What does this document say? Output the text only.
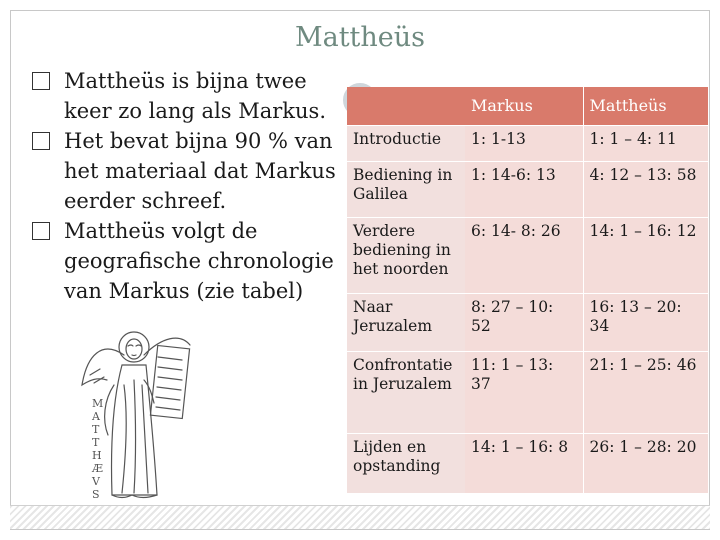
Mattheüs
Mattheüs is bijna twee keer zo lang als Markus.
Het bevat bijna 90 % van het materiaal dat Markus eerder schreef.
Mattheüs volgt de geografische chronologie van Markus (zie tabel)
	Markus	Mattheüs
Introductie	1: 1-13	1: 1 – 4: 11
Bediening in Galilea	1: 14-6: 13	4: 12 – 13: 58
Verdere bediening in het noorden	6: 14- 8: 26	14: 1 – 16: 12
Naar Jeruzalem	8: 27 – 10: 52	16: 13 – 20: 34
Confrontatie in Jeruzalem	11: 1 – 13: 37	21: 1 – 25: 46
Lijden en opstanding	14: 1 – 16: 8	26: 1 – 28: 20
M
A
T
T
H
Æ
V
S
